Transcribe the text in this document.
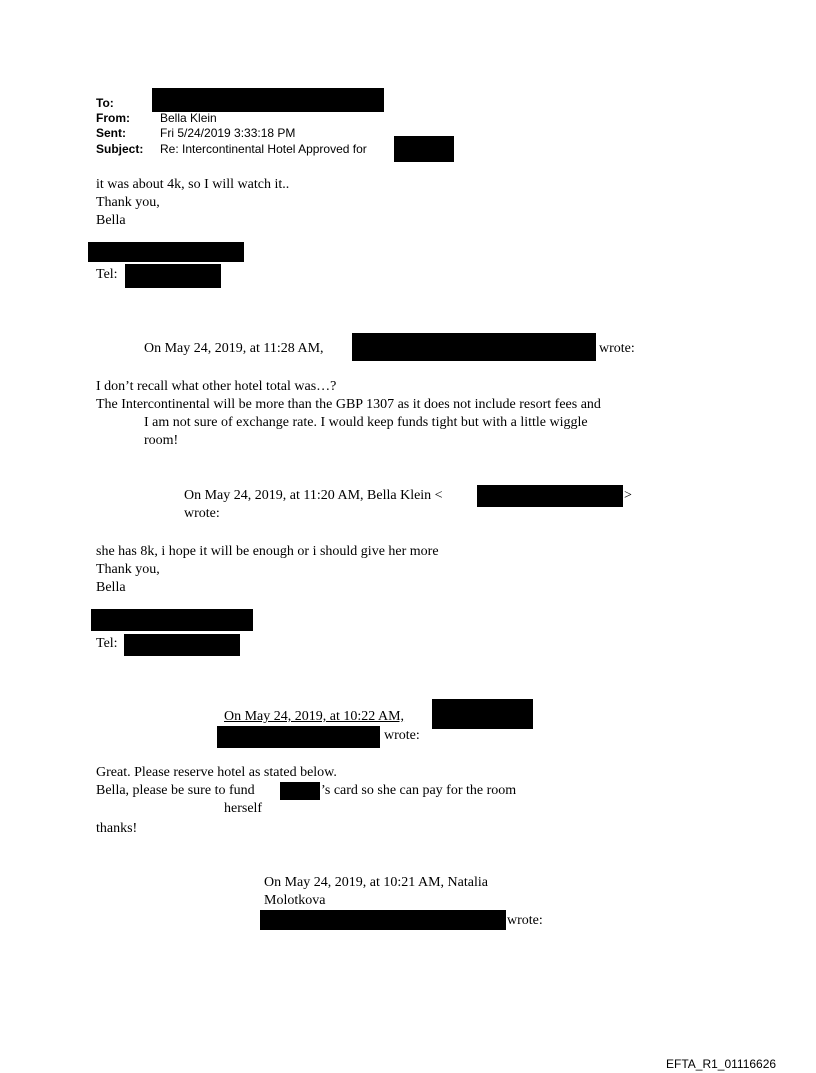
To:
From:	Bella Klein
Sent:	Fri 5/24/2019 3:33:18 PM
Subject: Re: Intercontinental Hotel Approved for
it was about 4k, so I will watch it..
Thank you,
Bella
Tel:
On May 24, 2019, at 11:28 AM,	wrote:
I don’t recall what other hotel total was…?
The Intercontinental will be more than the GBP 1307 as it does not include resort fees and
I am not sure of exchange rate. I would keep funds tight but with a little wiggle
room!
On May 24, 2019, at 11:20 AM, Bella Klein <	>
wrote:
she has 8k, i hope it will be enough or i should give her more
Thank you,
Bella
Tel:
On May 24, 2019, at 10:22 AM,
wrote:
Great. Please reserve hotel as stated below.
Bella, please be sure to fund	’s card so she can pay for the room
herself
thanks!
On May 24, 2019, at 10:21 AM, Natalia
Molotkova
wrote:
EFTA_R1_01116626
